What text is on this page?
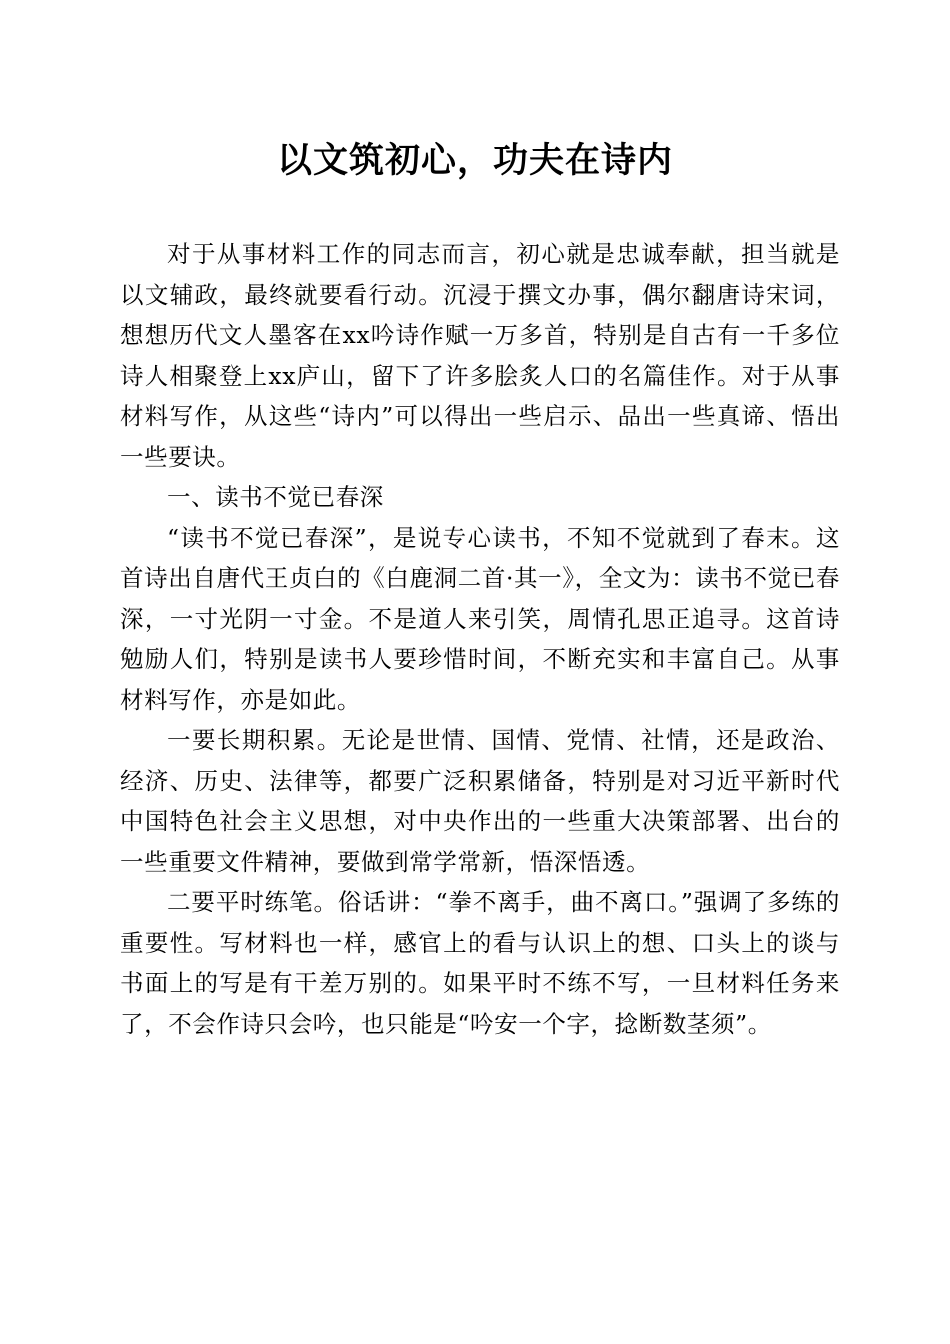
以文筑初心，功夫在诗内

对于从事材料工作的同志而言，初心就是忠诚奉献，担当就是以文辅政，最终就要看行动。沉浸于撰文办事，偶尔翻唐诗宋词，想想历代文人墨客在xx吟诗作赋一万多首，特别是自古有一千多位诗人相聚登上xx庐山，留下了许多脍炙人口的名篇佳作。对于从事材料写作，从这些“诗内”可以得出一些启示、品出一些真谛、悟出一些要诀。

一、读书不觉已春深

“读书不觉已春深”，是说专心读书，不知不觉就到了春末。这首诗出自唐代王贞白的《白鹿洞二首·其一》，全文为：读书不觉已春深，一寸光阴一寸金。不是道人来引笑，周情孔思正追寻。这首诗勉励人们，特别是读书人要珍惜时间，不断充实和丰富自己。从事材料写作，亦是如此。

一要长期积累。无论是世情、国情、党情、社情，还是政治、经济、历史、法律等，都要广泛积累储备，特别是对习近平新时代中国特色社会主义思想，对中央作出的一些重大决策部署、出台的一些重要文件精神，要做到常学常新，悟深悟透。

二要平时练笔。俗话讲：“拳不离手，曲不离口。”强调了多练的重要性。写材料也一样，感官上的看与认识上的想、口头上的谈与书面上的写是有干差万别的。如果平时不练不写，一旦材料任务来了，不会作诗只会吟，也只能是“吟安一个字，捻断数茎须”。
